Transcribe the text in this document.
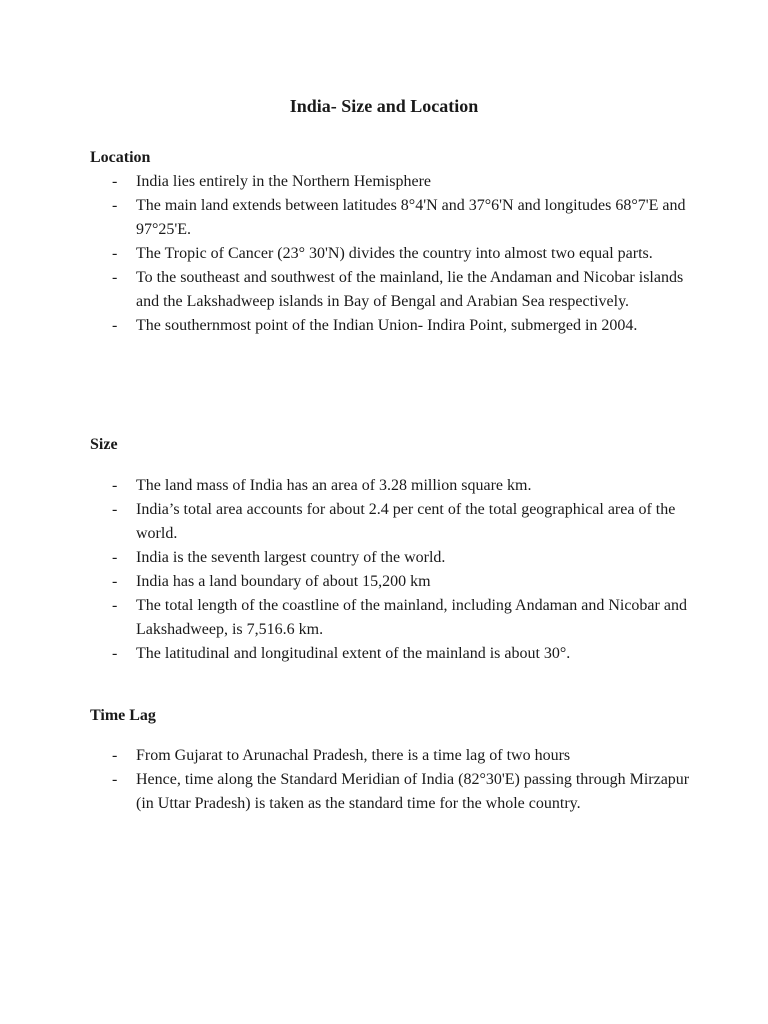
India- Size and Location
Location
- India lies entirely in the Northern Hemisphere
- The main land extends between latitudes 8°4'N and 37°6'N and longitudes 68°7'E and 97°25'E.
- The Tropic of Cancer (23° 30'N) divides the country into almost two equal parts.
- To the southeast and southwest of the mainland, lie the Andaman and Nicobar islands and the Lakshadweep islands in Bay of Bengal and Arabian Sea respectively.
- The southernmost point of the Indian Union- Indira Point, submerged in 2004.
Size
- The land mass of India has an area of 3.28 million square km.
- India’s total area accounts for about 2.4 per cent of the total geographical area of the world.
- India is the seventh largest country of the world.
- India has a land boundary of about 15,200 km
- The total length of the coastline of the mainland, including Andaman and Nicobar and Lakshadweep, is 7,516.6 km.
- The latitudinal and longitudinal extent of the mainland is about 30°.
Time Lag
- From Gujarat to Arunachal Pradesh, there is a time lag of two hours
- Hence, time along the Standard Meridian of India (82°30'E) passing through Mirzapur (in Uttar Pradesh) is taken as the standard time for the whole country.
